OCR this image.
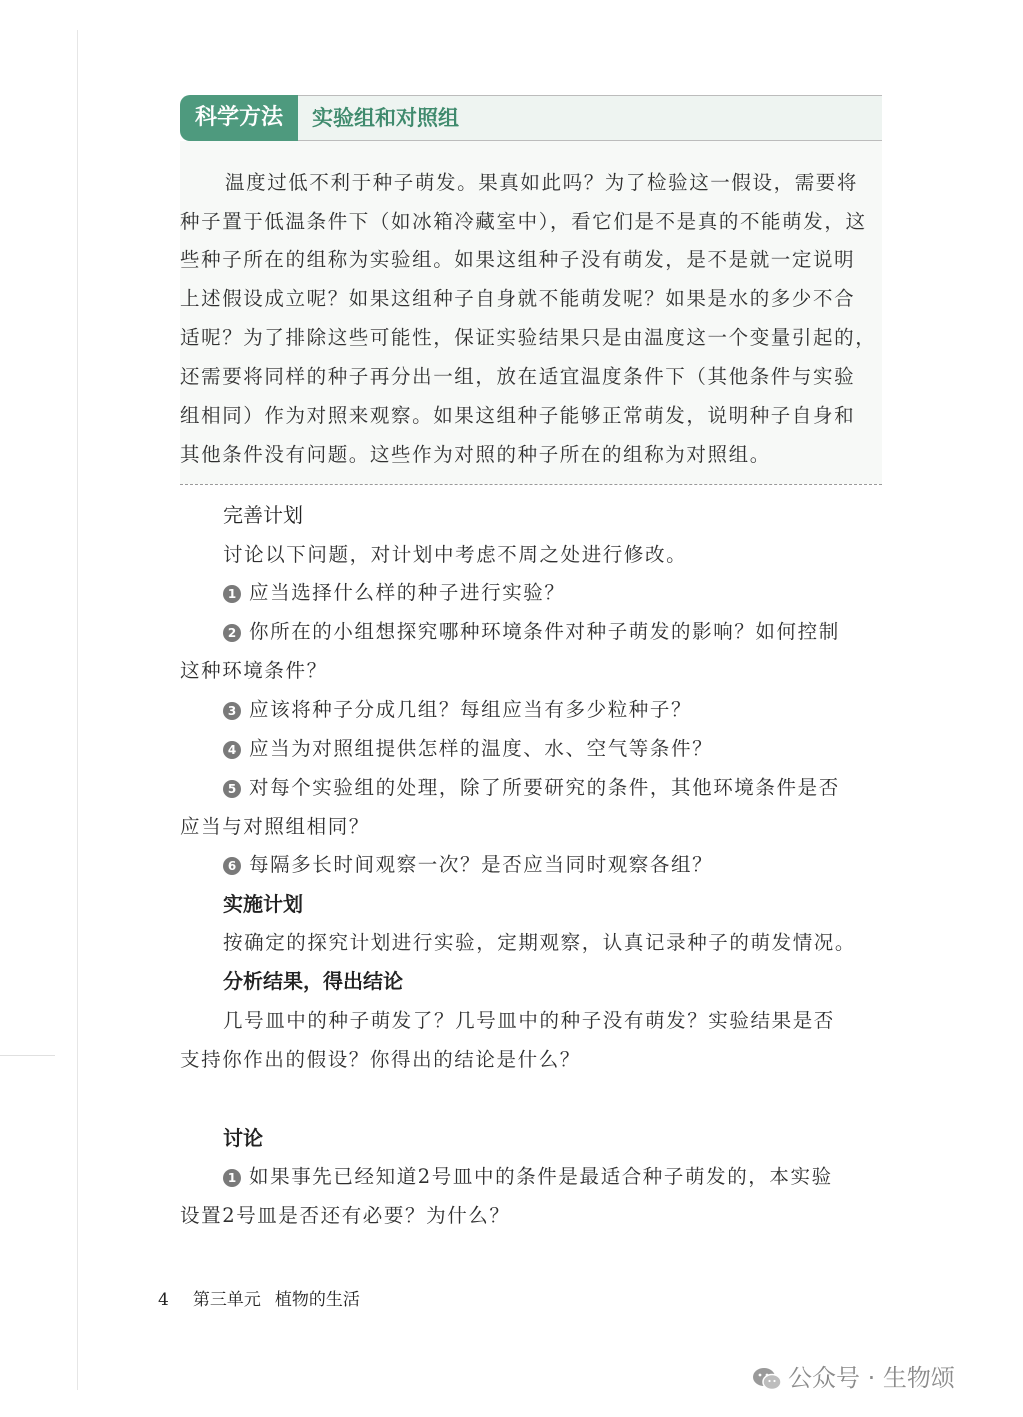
科学方法	实验组和对照组
温度过低不利于种子萌发。果真如此吗？为了检验这一假设，需要将
种子置于低温条件下（如冰箱冷藏室中），看它们是不是真的不能萌发，这
些种子所在的组称为实验组。如果这组种子没有萌发，是不是就一定说明
上述假设成立呢？如果这组种子自身就不能萌发呢？如果是水的多少不合
适呢？为了排除这些可能性，保证实验结果只是由温度这一个变量引起的，
还需要将同样的种子再分出一组，放在适宜温度条件下（其他条件与实验
组相同）作为对照来观察。如果这组种子能够正常萌发，说明种子自身和
其他条件没有问题。这些作为对照的种子所在的组称为对照组。
完善计划
讨论以下问题，对计划中考虑不周之处进行修改。
1 应当选择什么样的种子进行实验？
2 你所在的小组想探究哪种环境条件对种子萌发的影响？如何控制
这种环境条件？
3 应该将种子分成几组？每组应当有多少粒种子？
4 应当为对照组提供怎样的温度、水、空气等条件？
5 对每个实验组的处理，除了所要研究的条件，其他环境条件是否
应当与对照组相同？
6 每隔多长时间观察一次？是否应当同时观察各组？
实施计划
按确定的探究计划进行实验，定期观察，认真记录种子的萌发情况。
分析结果，得出结论
几号皿中的种子萌发了？几号皿中的种子没有萌发？实验结果是否
支持你作出的假设？你得出的结论是什么？
讨论
1 如果事先已经知道2号皿中的条件是最适合种子萌发的，本实验
设置2号皿是否还有必要？为什么？
4 第三单元 植物的生活
公众号 · 生物颂
